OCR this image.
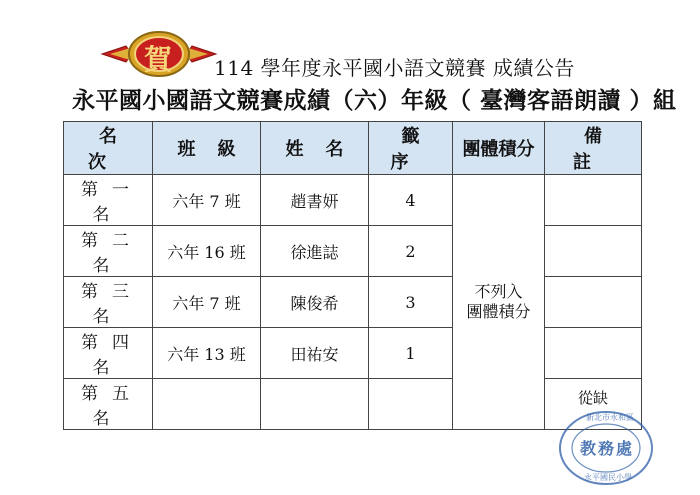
賀 114 學年度永平國小語文競賽 成績公告
永平國小國語文競賽成績（六）年級（ 臺灣客語朗讀 ）組
名次	班級	姓名	籤序	團體積分	備註
第一名	六年 7 班	趙書妍	4	不列入
團體積分	

第二名	六年 16 班	徐進誌	2		
第三名	六年 7 班	陳俊希	3		
第四名	六年 13 班	田祐安	1		
第五名					從缺
新北市永和區
教務處
永平國民小學
